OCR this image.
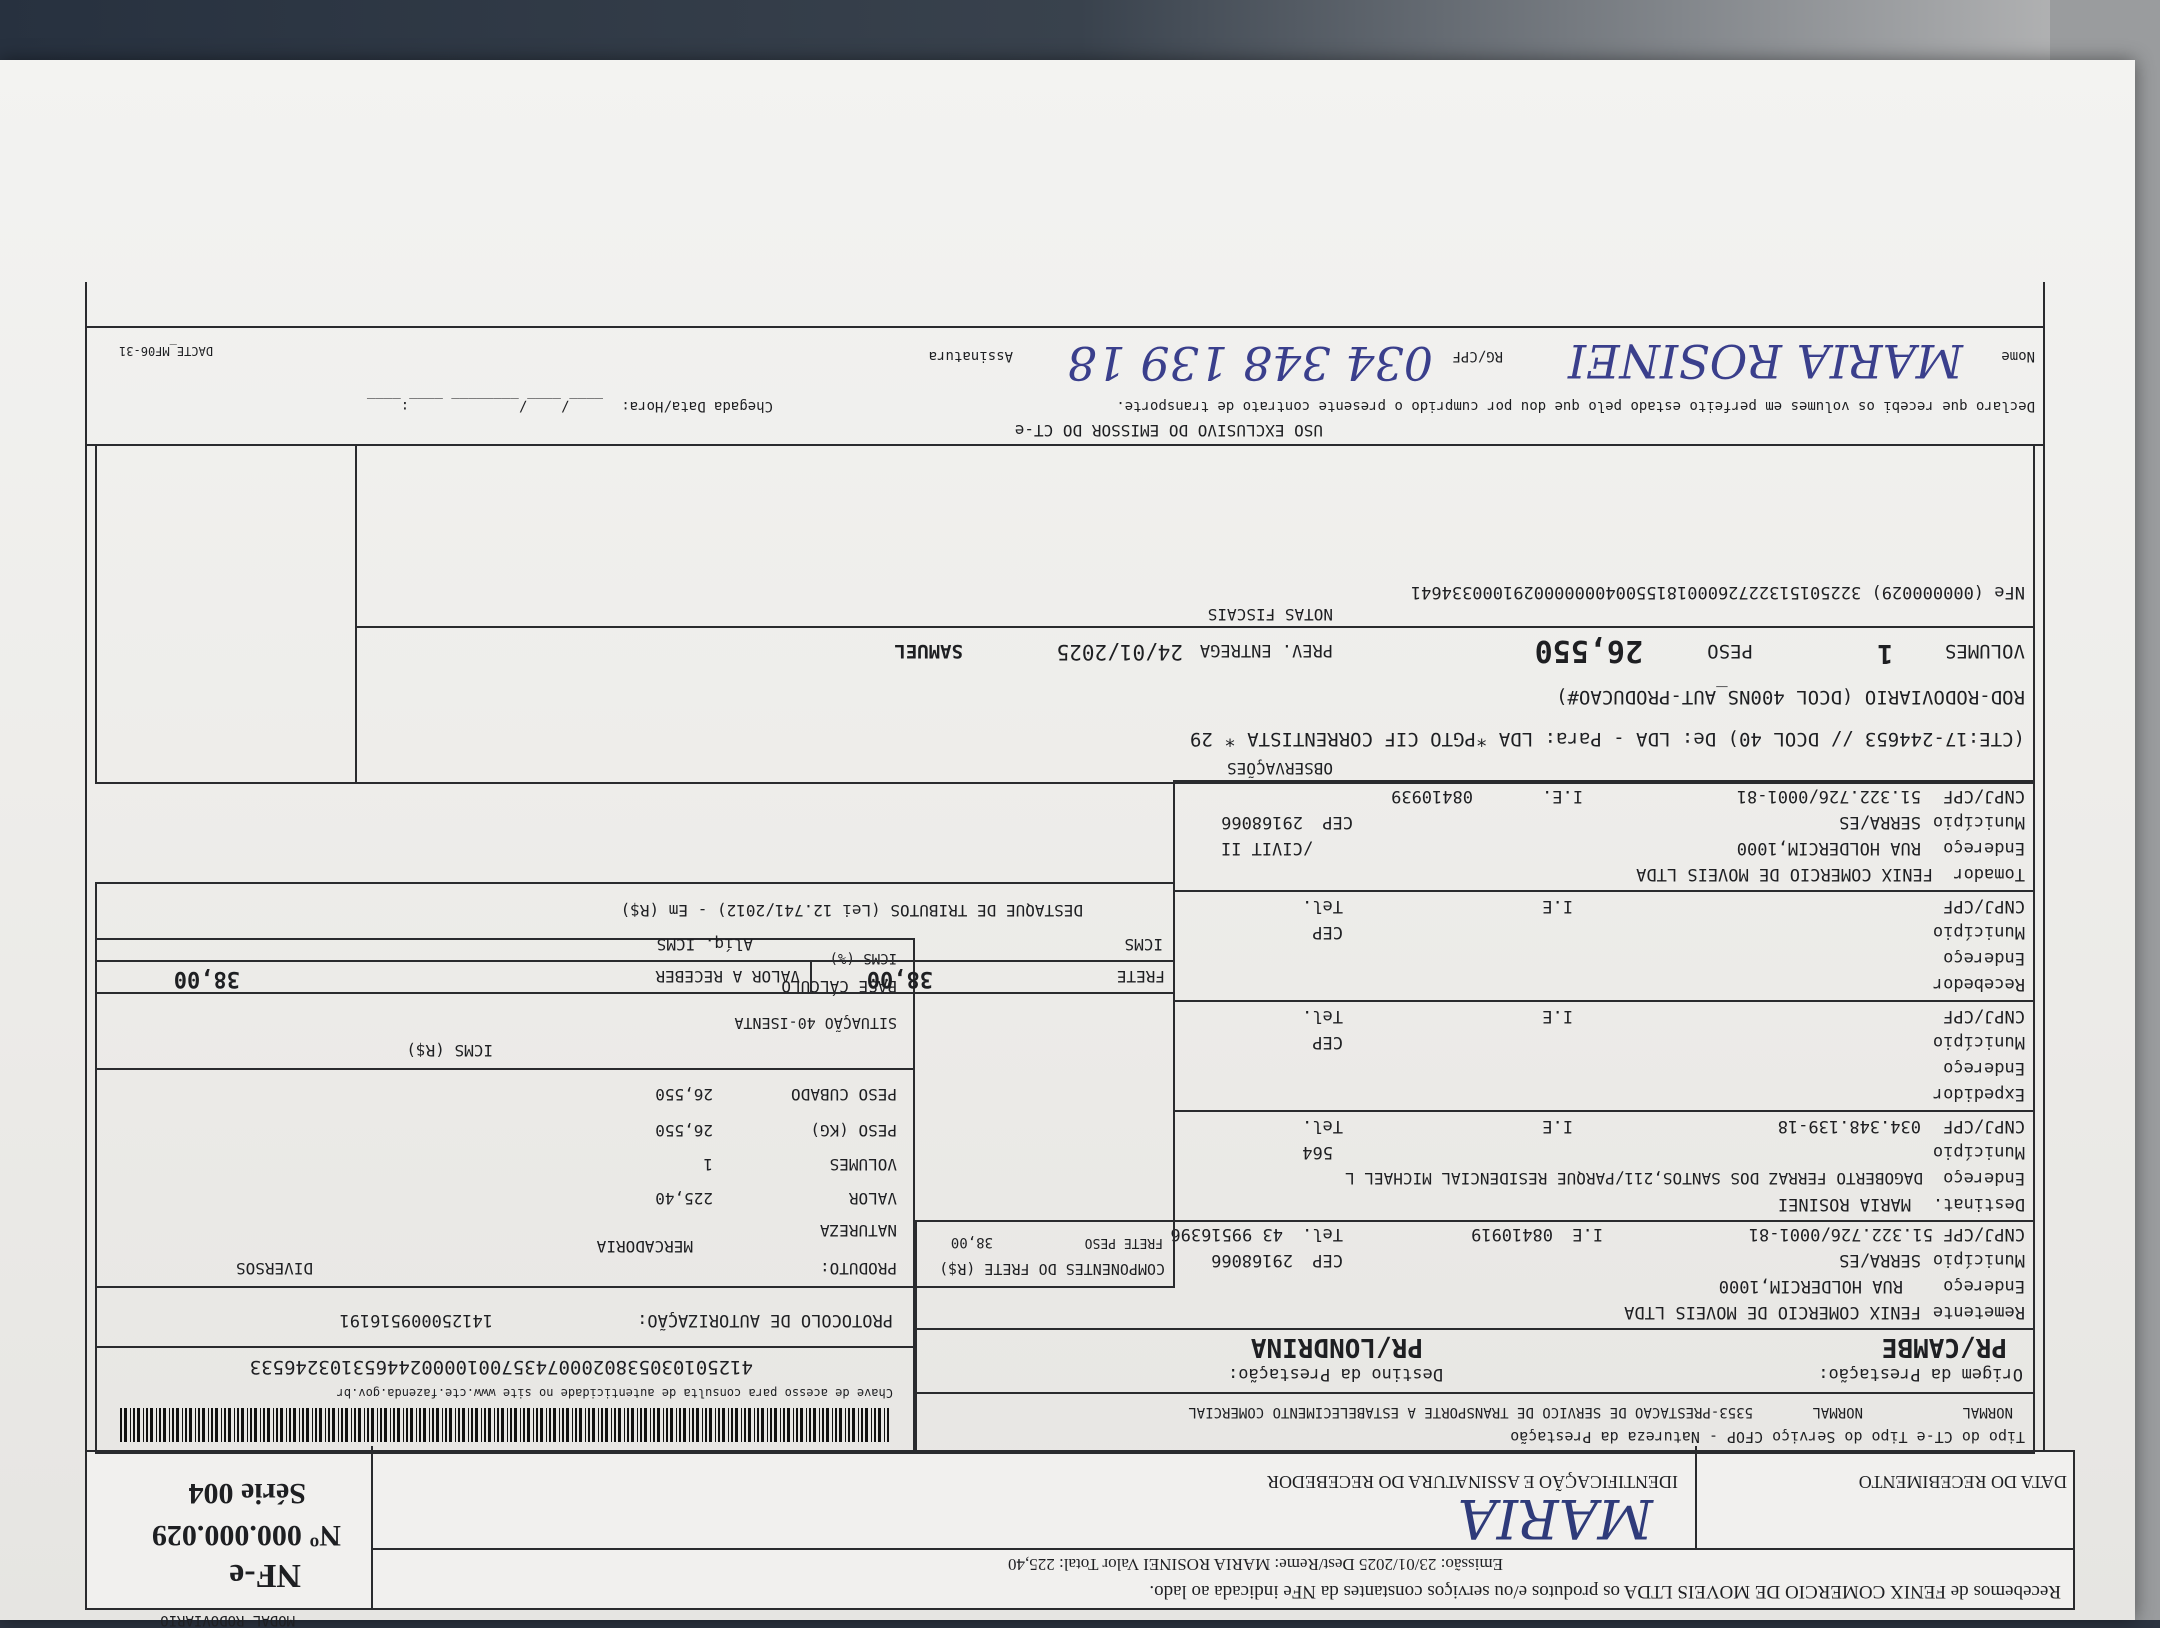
MODAL RODOVIARIO
Recebemos de FENIX COMERCIO DE MOVEIS LTDA os produtos e/ou serviços constantes da NFe indicada ao lado.
Emissão: 23/01/2025 Dest/Reme: MARIA ROSINEI Valor Total: 225,40
DATA DO RECEBIMENTO
IDENTIFICAÇÃO E ASSINATURA DO RECEBEDOR
MARIA
NF-e
Nº 000.000.029
Série 004
Tipo do CT-e Tipo do Serviço CFOP - Natureza da Prestação
NORMAL
NORMAL
5353-PRESTACAO DE SERVICO DE TRANSPORTE A ESTABELECIMENTO COMERCIAL
Chave de acesso para consulta de autenticidade no site www.cte.fazenda.gov.br
41250103053802000743570010000244653103246533
PROTOCOLO DE AUTORIZAÇÃO:
141250009516191
Origem da Prestação:
PR/CAMBE
Destino da Prestação:
PR/LONDRINA
Remetente
FENIX COMERCIO DE MOVEIS LTDA
Endereço
RUA HOLDERCIM,1000
Município
SERRA/ES
CEP
29168066
CNPJ/CPF
51.322.726/0001-81
I.E
08410919
Tel.
43 99516396
PRODUTO:
MERCADORIA
DIVERSOS
NATUREZA
VALOR
225,40
VOLUMES
1
PESO (KG)
26,550
PESO CUBADO
26,550
ICMS (R$)
SITUAÇÃO 40-ISENTA
BASE CÁLCULO
ICMS (%)
COMPONENTES DO FRETE (R$)
FRETE PESO
38,00
Destinat.
MARIA ROSINEI
Endereço
DAGOBERTO FERRAZ DOS SANTOS,211/PARQUE RESIDENCIAL MICHAEL L
Município
564
CNPJ/CPF
034.348.139-18
I.E
Tel.
Expedidor
Endereço
Município
CEP
CNPJ/CPF
I.E
Tel.
Recebedor
Endereço
Município
CEP
CNPJ/CPF
I.E
Tel.
FRETE
38,00
VALOR A RECEBER
38,00
Tomador
FENIX COMERCIO DE MOVEIS LTDA
Endereço
RUA HOLDERCIM,1000
/CIVIT II
Município
SERRA/ES
CEP
29168066
CNPJ/CPF
51.322.726/0001-81
I.E.
08410939
ICMS
Alíq. ICMS
DESTAQUE DE TRIBUTOS (Lei 12.741/2012) - Em (R$)
OBSERVAÇÕES
(CTE:17-244653 // DCOL 40) De: LDA - Para: LDA *PGTO CIF CORRENTISTA * 29
ROD-RODOVIARIO (DCOL 400NS_AUT-PRODUCAO#)
VOLUMES
1
PESO
26,550
PREV. ENTREGA
24/01/2025
SAMUEL
NOTAS FISCAIS
NFe (000000029) 32250151322726000181550040000000291000334641
USO EXCLUSIVO DO EMISSOR DO CT-e
Declaro que recebi os volumes em perfeito estado pelo que dou por cumprido o presente contrato de transporte.
Chegada Data/Hora:
____/____/________ ____:____
Nome
MARIA ROSINEI
RG/CPF
034 348 139 18
Assinatura
DACTE_MF06-31
